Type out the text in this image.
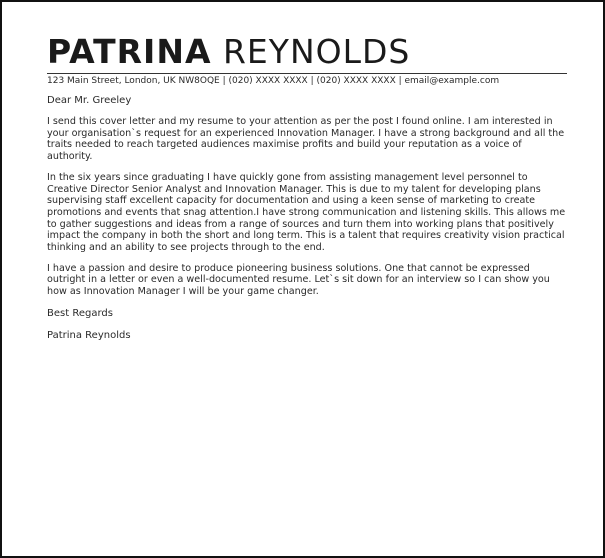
PATRINA REYNOLDS
123 Main Street, London, UK NW8OQE | (020) XXXX XXXX | (020) XXXX XXXX | email@example.com
Dear Mr. Greeley
I send this cover letter and my resume to your attention as per the post I found online. I am interested in your organisation`s request for an experienced Innovation Manager. I have a strong background and all the traits needed to reach targeted audiences maximise profits and build your reputation as a voice of authority.
In the six years since graduating I have quickly gone from assisting management level personnel to Creative Director Senior Analyst and Innovation Manager. This is due to my talent for developing plans supervising staff excellent capacity for documentation and using a keen sense of marketing to create promotions and events that snag attention.I have strong communication and listening skills. This allows me to gather suggestions and ideas from a range of sources and turn them into working plans that positively impact the company in both the short and long term. This is a talent that requires creativity vision practical thinking and an ability to see projects through to the end.
I have a passion and desire to produce pioneering business solutions. One that cannot be expressed outright in a letter or even a well-documented resume. Let`s sit down for an interview so I can show you how as Innovation Manager I will be your game changer.
Best Regards
Patrina Reynolds
